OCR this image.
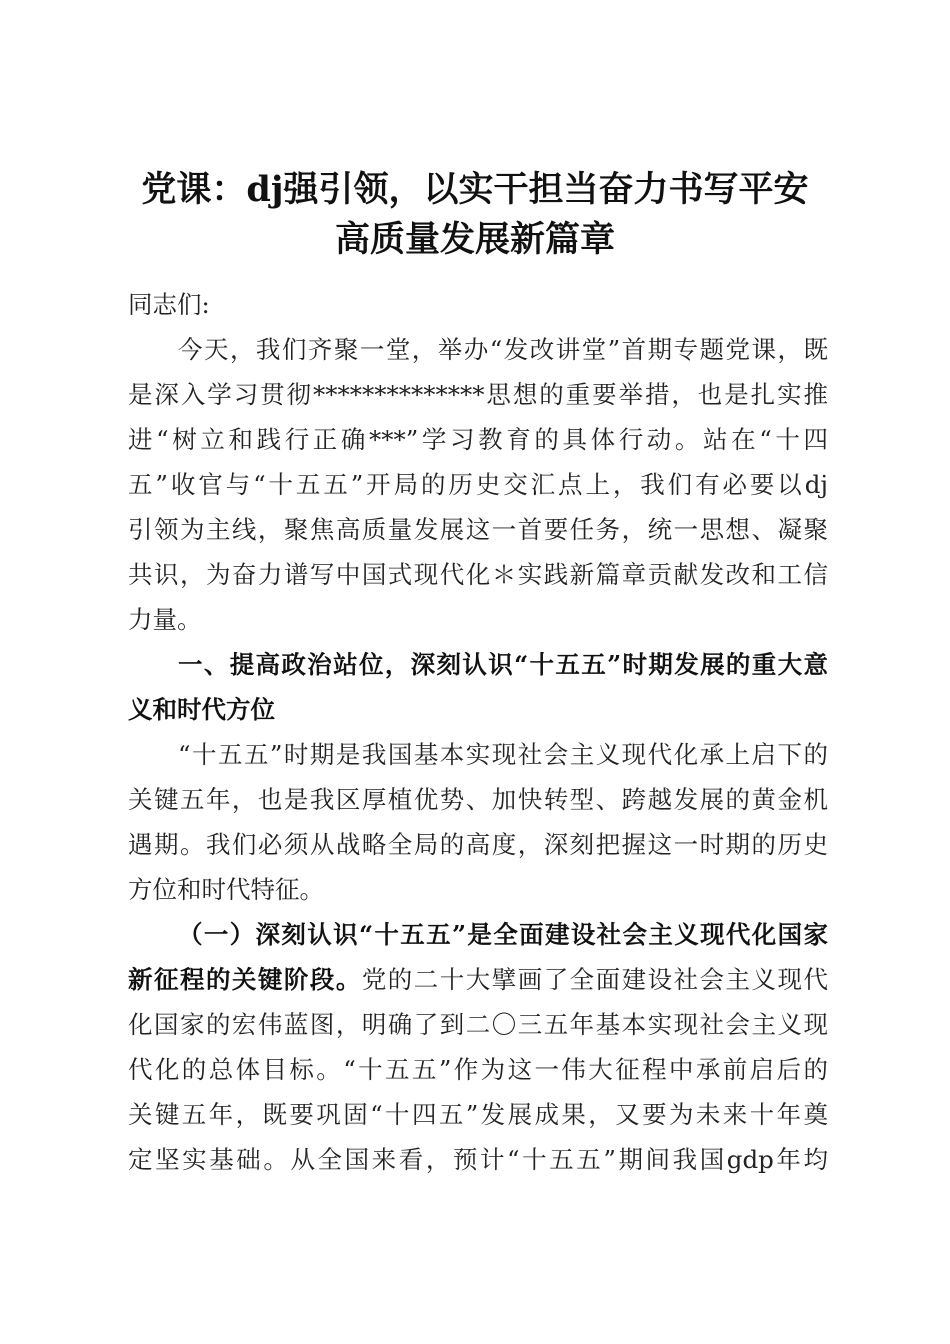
党课：dj强引领，以实干担当奋力书写平安
高质量发展新篇章
同志们:
今天，我们齐聚一堂，举办“发改讲堂”首期专题党课，既
是深入学习贯彻**************思想的重要举措，也是扎实推
进“树立和践行正确***”学习教育的具体行动。站在“十四
五”收官与“十五五”开局的历史交汇点上，我们有必要以dj
引领为主线，聚焦高质量发展这一首要任务，统一思想、凝聚
共识，为奋力谱写中国式现代化＊实践新篇章贡献发改和工信
力量。
一、提高政治站位，深刻认识“十五五”时期发展的重大意
义和时代方位
“十五五”时期是我国基本实现社会主义现代化承上启下的
关键五年，也是我区厚植优势、加快转型、跨越发展的黄金机
遇期。我们必须从战略全局的高度，深刻把握这一时期的历史
方位和时代特征。
（一）深刻认识“十五五”是全面建设社会主义现代化国家
新征程的关键阶段。党的二十大擘画了全面建设社会主义现代
化国家的宏伟蓝图，明确了到二〇三五年基本实现社会主义现
代化的总体目标。“十五五”作为这一伟大征程中承前启后的
关键五年，既要巩固“十四五”发展成果，又要为未来十年奠
定坚实基础。从全国来看，预计“十五五”期间我国gdp年均
